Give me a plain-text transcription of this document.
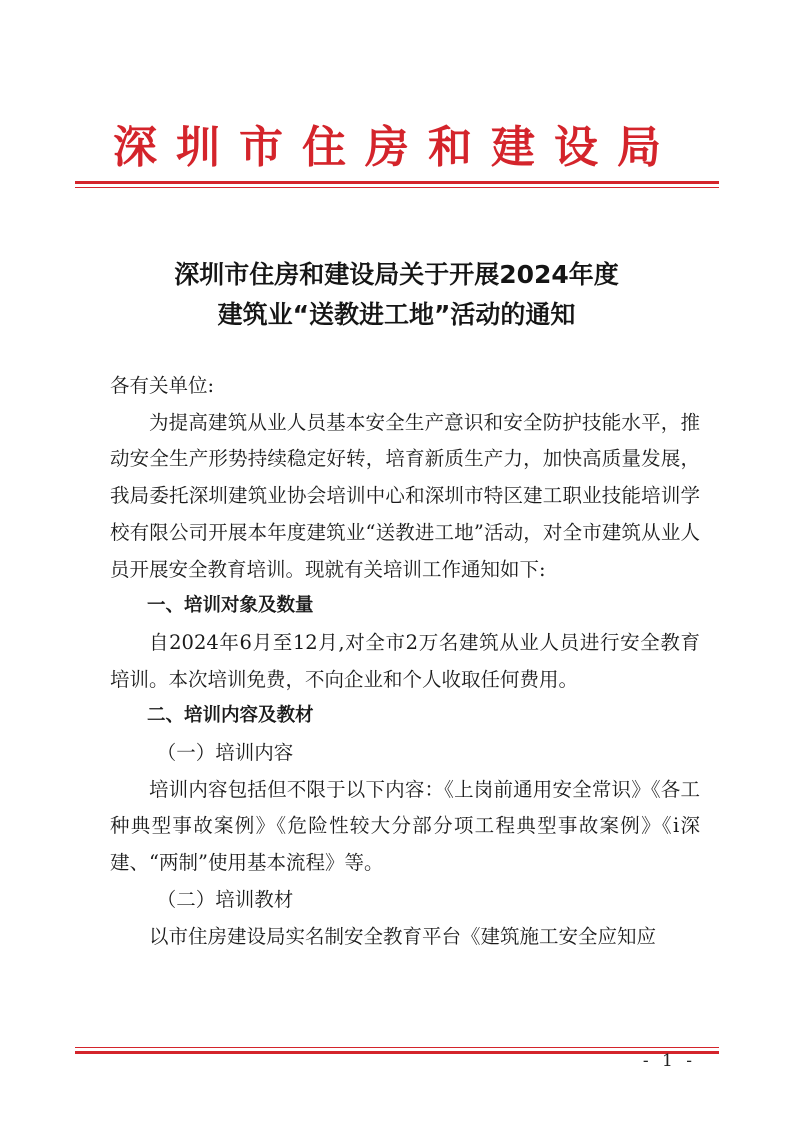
深圳市住房和建设局
深圳市住房和建设局关于开展2024年度
建筑业“送教进工地”活动的通知

各有关单位:

为提高建筑从业人员基本安全生产意识和安全防护技能水平，推动安全生产形势持续稳定好转，培育新质生产力，加快高质量发展，我局委托深圳建筑业协会培训中心和深圳市特区建工职业技能培训学校有限公司开展本年度建筑业“送教进工地”活动，对全市建筑从业人员开展安全教育培训。现就有关培训工作通知如下:

一、培训对象及数量

自2024年6月至12月,对全市2万名建筑从业人员进行安全教育培训。本次培训免费，不向企业和个人收取任何费用。

二、培训内容及教材

（一）培训内容

培训内容包括但不限于以下内容：《上岗前通用安全常识》《各工种典型事故案例》《危险性较大分部分项工程典型事故案例》《i深建、“两制”使用基本流程》等。

（二）培训教材

以市住房建设局实名制安全教育平台《建筑施工安全应知应

- 1 -
